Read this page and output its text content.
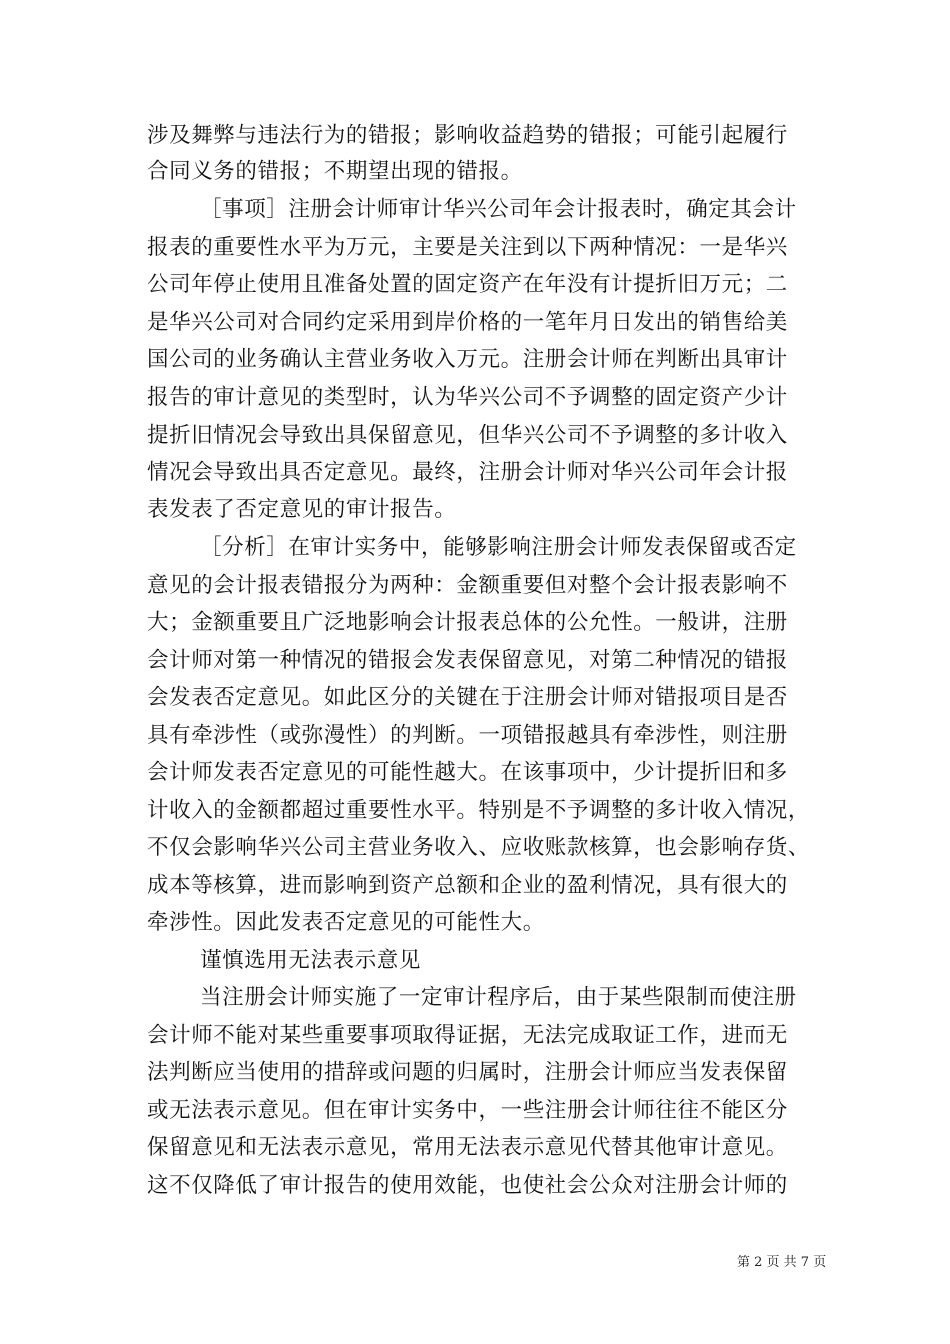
涉及舞弊与违法行为的错报；影响收益趋势的错报；可能引起履行
合同义务的错报；不期望出现的错报。
［事项］注册会计师审计华兴公司年会计报表时，确定其会计
报表的重要性水平为万元，主要是关注到以下两种情况：一是华兴
公司年停止使用且准备处置的固定资产在年没有计提折旧万元；二
是华兴公司对合同约定采用到岸价格的一笔年月日发出的销售给美
国公司的业务确认主营业务收入万元。注册会计师在判断出具审计
报告的审计意见的类型时，认为华兴公司不予调整的固定资产少计
提折旧情况会导致出具保留意见，但华兴公司不予调整的多计收入
情况会导致出具否定意见。最终，注册会计师对华兴公司年会计报
表发表了否定意见的审计报告。
［分析］在审计实务中，能够影响注册会计师发表保留或否定
意见的会计报表错报分为两种：金额重要但对整个会计报表影响不
大；金额重要且广泛地影响会计报表总体的公允性。一般讲，注册
会计师对第一种情况的错报会发表保留意见，对第二种情况的错报
会发表否定意见。如此区分的关键在于注册会计师对错报项目是否
具有牵涉性（或弥漫性）的判断。一项错报越具有牵涉性，则注册
会计师发表否定意见的可能性越大。在该事项中，少计提折旧和多
计收入的金额都超过重要性水平。特别是不予调整的多计收入情况，
不仅会影响华兴公司主营业务收入、应收账款核算，也会影响存货、
成本等核算，进而影响到资产总额和企业的盈利情况，具有很大的
牵涉性。因此发表否定意见的可能性大。
谨慎选用无法表示意见
当注册会计师实施了一定审计程序后，由于某些限制而使注册
会计师不能对某些重要事项取得证据，无法完成取证工作，进而无
法判断应当使用的措辞或问题的归属时，注册会计师应当发表保留
或无法表示意见。但在审计实务中，一些注册会计师往往不能区分
保留意见和无法表示意见，常用无法表示意见代替其他审计意见。
这不仅降低了审计报告的使用效能，也使社会公众对注册会计师的
第 2 页 共 7 页
